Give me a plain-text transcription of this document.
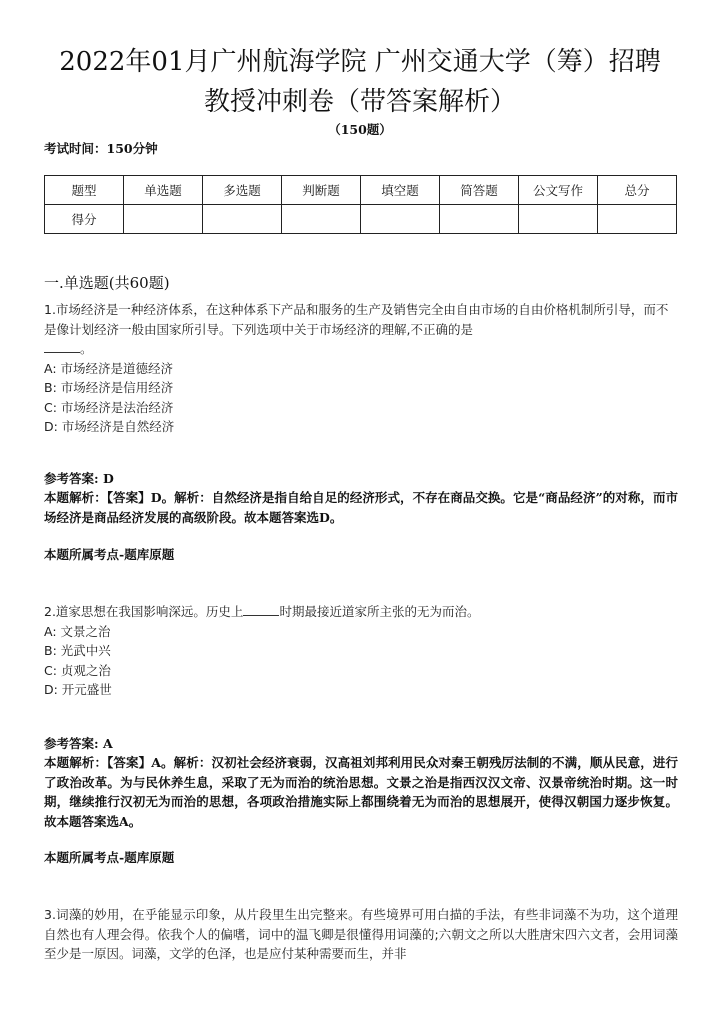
2022年01月广州航海学院 广州交通大学（筹）招聘
教授冲刺卷（带答案解析）
（150题）
考试时间：150分钟
题型	单选题	多选题	判断题	填空题	简答题	公文写作	总分
得分							
一.单选题(共60题)
1.市场经济是一种经济体系，在这种体系下产品和服务的生产及销售完全由自由市场的自由价格机制所引导，而不是像计划经济一般由国家所引导。下列选项中关于市场经济的理解,不正确的是
。
A: 市场经济是道德经济
B: 市场经济是信用经济
C: 市场经济是法治经济
D: 市场经济是自然经济
参考答案: D
本题解析：【答案】D。解析：自然经济是指自给自足的经济形式，不存在商品交换。它是“商品经济”的对称，而市场经济是商品经济发展的高级阶段。故本题答案选D。
本题所属考点-题库原题
2.道家思想在我国影响深远。历史上	时期最接近道家所主张的无为而治。
A: 文景之治
B: 光武中兴
C: 贞观之治
D: 开元盛世
参考答案: A
本题解析：【答案】A。解析：汉初社会经济衰弱，汉高祖刘邦利用民众对秦王朝残厉法制的不满，顺从民意，进行了政治改革。为与民休养生息，采取了无为而治的统治思想。文景之治是指西汉汉文帝、汉景帝统治时期。这一时期，继续推行汉初无为而治的思想，各项政治措施实际上都围绕着无为而治的思想展开，使得汉朝国力逐步恢复。故本题答案选A。
本题所属考点-题库原题
3.词藻的妙用，在乎能显示印象，从片段里生出完整来。有些境界可用白描的手法，有些非词藻不为功，这个道理自然也有人理会得。依我个人的偏嗜，词中的温飞卿是很懂得用词藻的;六朝文之所以大胜唐宋四六文者，会用词藻至少是一原因。词藻，文学的色泽，也是应付某种需要而生，并非
